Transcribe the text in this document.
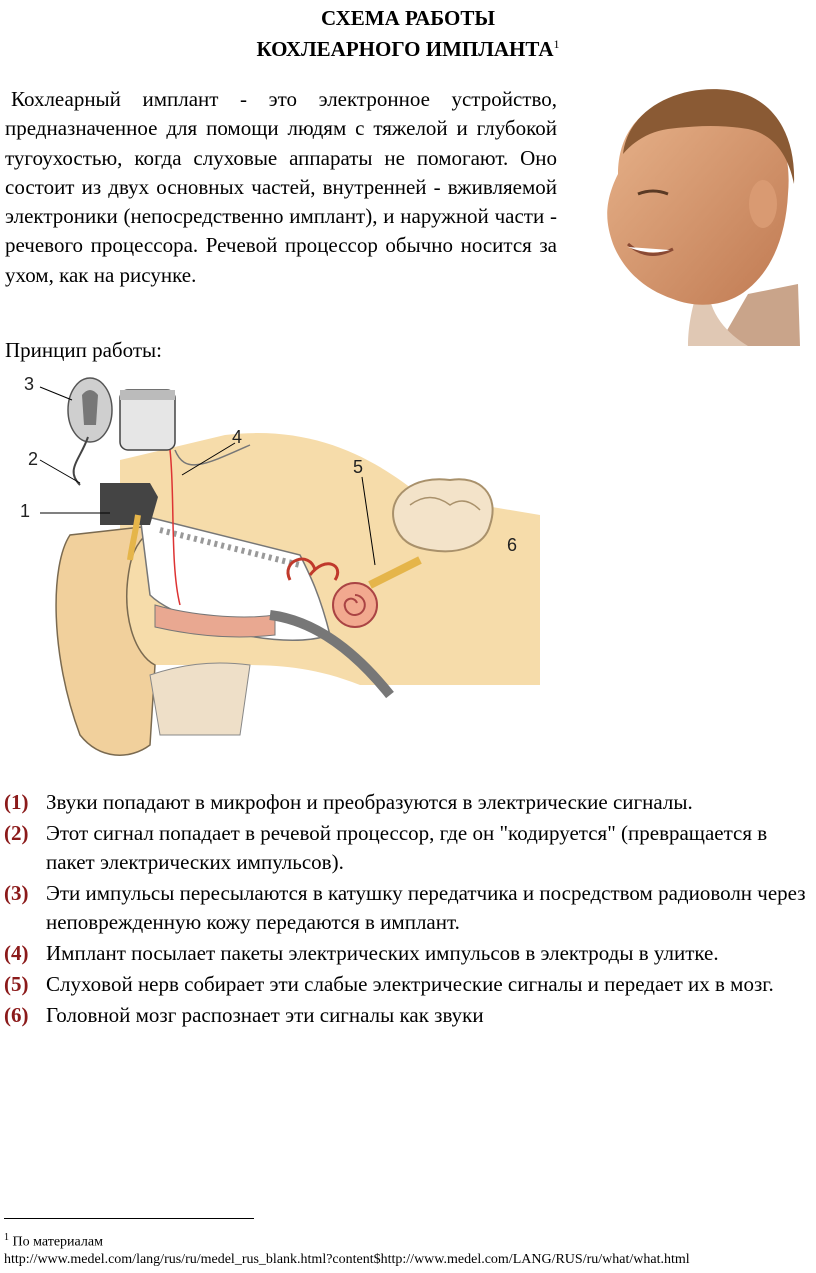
СХЕМА РАБОТЫ
КОХЛЕАРНОГО ИМПЛАНТА$^1$

Кохлеарный имплант - это электронное устройство, предназначенное для помощи людям с тяжелой и глубокой тугоухостью, когда слуховые аппараты не помогают. Оно состоит из двух основных частей, внутренней - вживляемой электроники (непосредственно имплант), и наружной части - речевого процессора. Речевой процессор обычно носится за ухом, как на рисунке.

Принцип работы:

1
2
3
4
5
6
(1) Звуки попадают в микрофон и преобразуются в электрические сигналы.
(2) Этот сигнал попадает в речевой процессор, где он "кодируется" (превращается в пакет электрических импульсов).
(3) Эти импульсы пересылаются в катушку передатчика и посредством радиоволн через неповрежденную кожу передаются в имплант.
(4) Имплант посылает пакеты электрических импульсов в электроды в улитке.
(5) Слуховой нерв собирает эти слабые электрические сигналы и передает их в мозг.
(6) Головной мозг распознает эти сигналы как звуки
$^1$ По материалам
http://www.medel.com/lang/rus/ru/medel_rus_blank.html?content$http://www.medel.com/LANG/RUS/ru/what/what.html
